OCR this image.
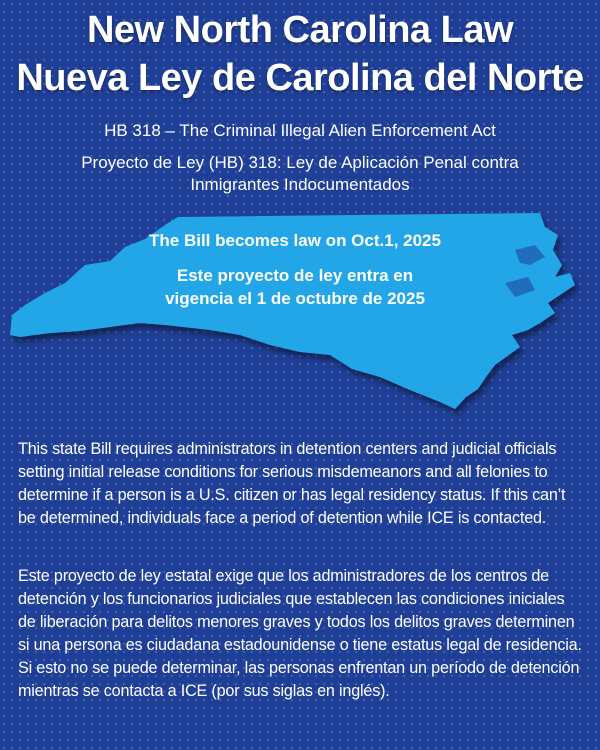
New North Carolina Law
Nueva Ley de Carolina del Norte
HB 318 – The Criminal Illegal Alien Enforcement Act
Proyecto de Ley (HB) 318: Ley de Aplicación Penal contra
Inmigrantes Indocumentados
The Bill becomes law on Oct.1, 2025
Este proyecto de ley entra en
vigencia el 1 de octubre de 2025
This state Bill requires administrators in detention centers and judicial officials setting initial release conditions for serious misdemeanors and all felonies to determine if a person is a U.S. citizen or has legal residency status. If this can’t be determined, individuals face a period of detention while ICE is contacted.
Este proyecto de ley estatal exige que los administradores de los centros de detención y los funcionarios judiciales que establecen las condiciones iniciales de liberación para delitos menores graves y todos los delitos graves determinen si una persona es ciudadana estadounidense o tiene estatus legal de residencia. Si esto no se puede determinar, las personas enfrentan un período de detención mientras se contacta a ICE (por sus siglas en inglés).
